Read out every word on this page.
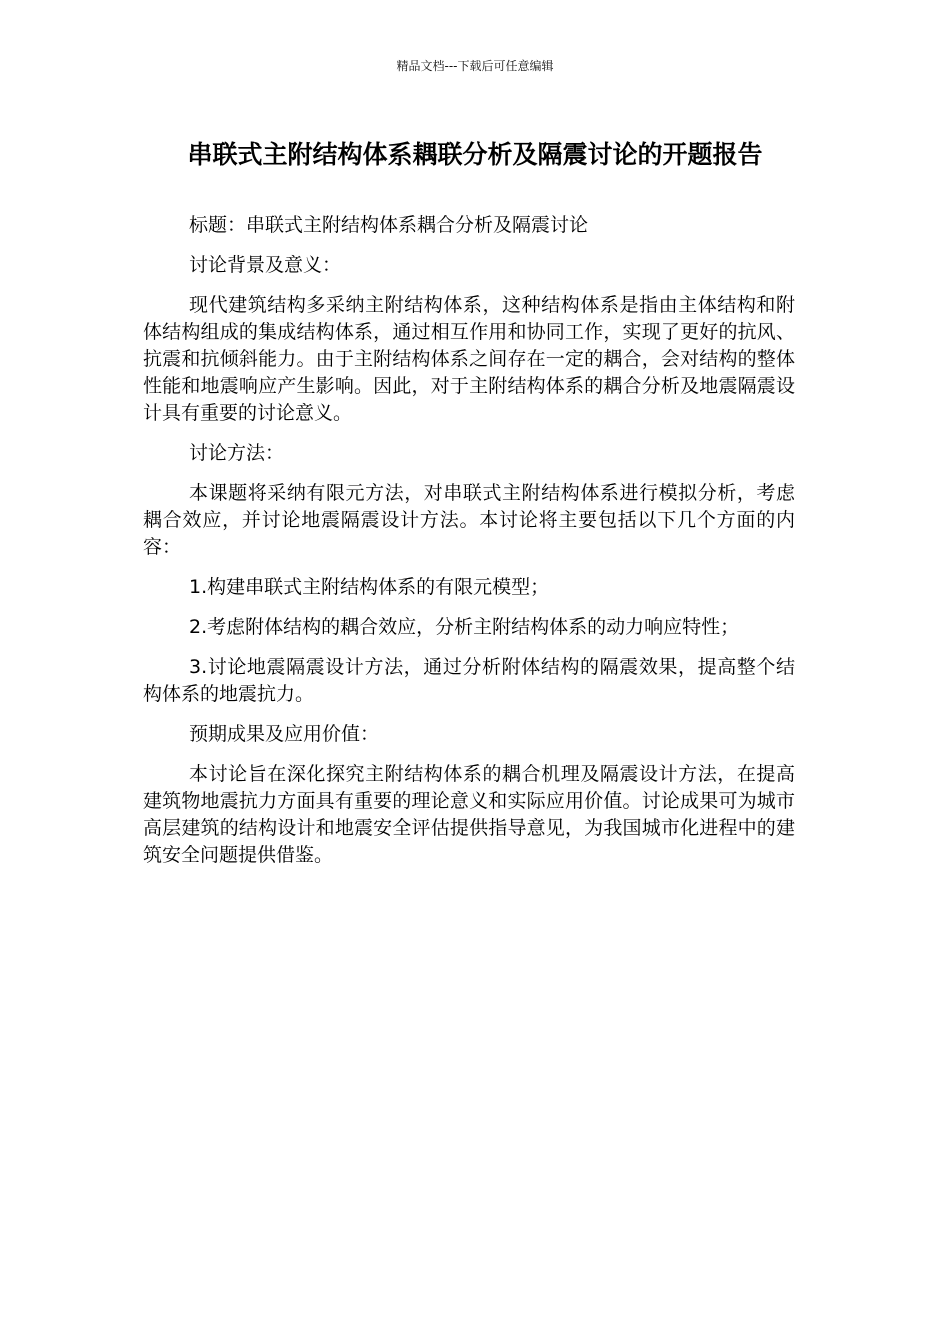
精品文档---下载后可任意编辑
串联式主附结构体系耦联分析及隔震讨论的开题报告

标题：串联式主附结构体系耦合分析及隔震讨论

讨论背景及意义：

现代建筑结构多采纳主附结构体系，这种结构体系是指由主体结构和附体结构组成的集成结构体系，通过相互作用和协同工作，实现了更好的抗风、抗震和抗倾斜能力。由于主附结构体系之间存在一定的耦合，会对结构的整体性能和地震响应产生影响。因此，对于主附结构体系的耦合分析及地震隔震设计具有重要的讨论意义。

讨论方法：

本课题将采纳有限元方法，对串联式主附结构体系进行模拟分析，考虑耦合效应，并讨论地震隔震设计方法。本讨论将主要包括以下几个方面的内容：

1.构建串联式主附结构体系的有限元模型；

2.考虑附体结构的耦合效应，分析主附结构体系的动力响应特性；

3.讨论地震隔震设计方法，通过分析附体结构的隔震效果，提高整个结构体系的地震抗力。

预期成果及应用价值：

本讨论旨在深化探究主附结构体系的耦合机理及隔震设计方法，在提高建筑物地震抗力方面具有重要的理论意义和实际应用价值。讨论成果可为城市高层建筑的结构设计和地震安全评估提供指导意见，为我国城市化进程中的建筑安全问题提供借鉴。
